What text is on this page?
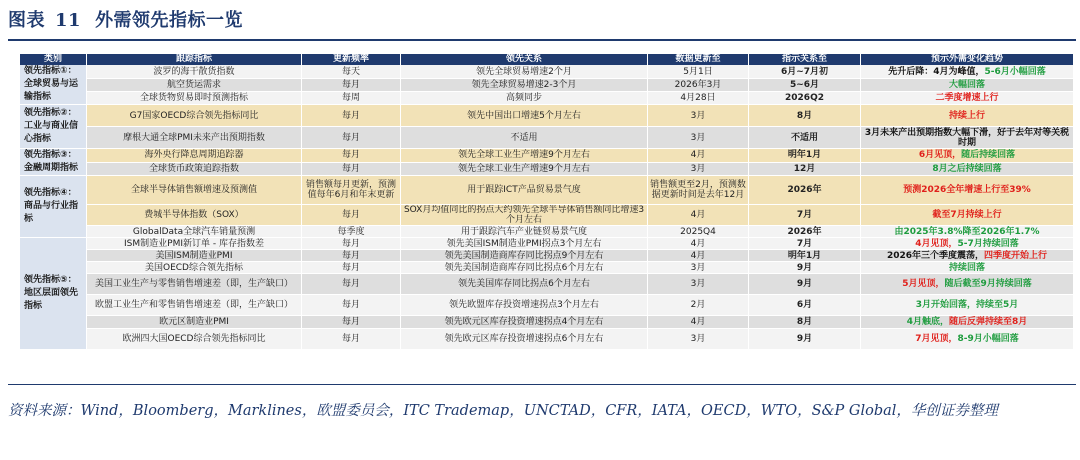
图表 11 外需领先指标一览
类别	跟踪指标	更新频率	领先关系	数据更新至	指示关系至	预示外需变化趋势
领先指标①：全球贸易与运输指标	波罗的海干散货指数	每天	领先全球贸易增速2个月	5月1日	6月~7月初	先升后降：4月为峰值，5-6月小幅回落
	航空货运需求	每月	领先全球贸易增速2-3个月	2026年3月	5~6月	大幅回落
	全球货物贸易即时预测指标	每周	高频同步	4月28日	2026Q2	二季度增速上行
领先指标②：工业与商业信心指标	G7国家OECD综合领先指标同比	每月	领先中国出口增速5个月左右	3月	8月	持续上行
	摩根大通全球PMI未来产出预期指数	每月	不适用	3月	不适用	3月未来产出预期指数大幅下滑，好于去年对等关税时期
领先指标③：金融周期指标	海外央行降息周期追踪器	每月	领先全球工业生产增速9个月左右	4月	明年1月	6月见顶，随后持续回落
	全球货币政策追踪指数	每月	领先全球工业生产增速9个月左右	3月	12月	8月之后持续回落
领先指标④：商品与行业指标	全球半导体销售额增速及预测值	销售额每月更新，预测值每年6月和年末更新	用于跟踪ICT产品贸易景气度	销售额更至2月，预测数据更新时间是去年12月	2026年	预测2026全年增速上行至39%
	费城半导体指数（SOX）	每月	SOX月均值同比的拐点大约领先全球半导体销售额同比增速3个月左右	4月	7月	截至7月持续上行
	GlobalData全球汽车销量预测	每季度	用于跟踪汽车产业链贸易景气度	2025Q4	2026年	由2025年3.8%降至2026年1.7%
领先指标⑤：地区层面领先指标	ISM制造业PMI新订单 - 库存指数差	每月	领先美国ISM制造业PMI拐点3个月左右	4月	7月	4月见顶，5-7月持续回落
	美国ISM制造业PMI	每月	领先美国制造商库存同比拐点9个月左右	4月	明年1月	2026年三个季度震荡，四季度开始上行
	美国OECD综合领先指标	每月	领先美国制造商库存同比拐点6个月左右	3月	9月	持续回落
	美国工业生产与零售销售增速差（即，生产缺口）	每月	领先美国库存同比拐点6个月左右	3月	9月	5月见顶，随后截至9月持续回落
	欧盟工业生产和零售销售增速差（即，生产缺口）	每月	领先欧盟库存投资增速拐点3个月左右	2月	6月	3月开始回落，持续至5月
	欧元区制造业PMI	每月	领先欧元区库存投资增速拐点4个月左右	4月	8月	4月触底，随后反弹持续至8月
	欧洲四大国OECD综合领先指标同比	每月	领先欧元区库存投资增速拐点6个月左右	3月	9月	7月见顶，8-9月小幅回落
资料来源：Wind，Bloomberg，Marklines，欧盟委员会，ITC Trademap，UNCTAD，CFR，IATA，OECD，WTO，S&P Global，华创证券整理
